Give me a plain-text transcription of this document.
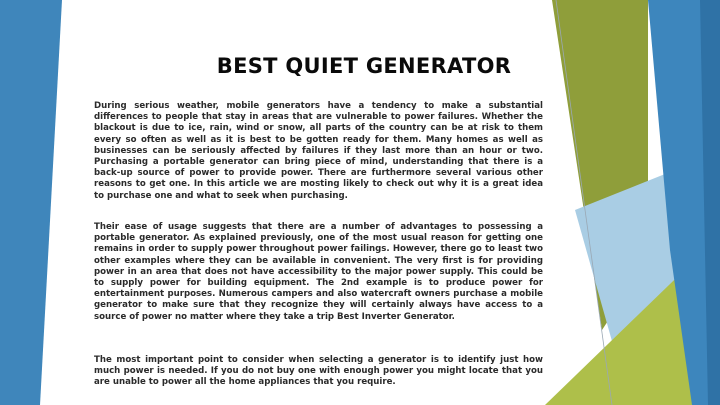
BEST QUIET GENERATOR

During serious weather, mobile generators have a tendency to make a substantial differences to people that stay in areas that are vulnerable to power failures. Whether the blackout is due to ice, rain, wind or snow, all parts of the country can be at risk to them every so often as well as it is best to be gotten ready for them. Many homes as well as businesses can be seriously affected by failures if they last more than an hour or two. Purchasing a portable generator can bring piece of mind, understanding that there is a back-up source of power to provide power. There are furthermore several various other reasons to get one. In this article we are mosting likely to check out why it is a great idea to purchase one and what to seek when purchasing.

Their ease of usage suggests that there are a number of advantages to possessing a portable generator. As explained previously, one of the most usual reason for getting one remains in order to supply power throughout power failings. However, there go to least two other examples where they can be available in convenient. The very first is for providing power in an area that does not have accessibility to the major power supply. This could be to supply power for building equipment. The 2nd example is to produce power for entertainment purposes. Numerous campers and also watercraft owners purchase a mobile generator to make sure that they recognize they will certainly always have access to a source of power no matter where they take a trip Best Inverter Generator.

The most important point to consider when selecting a generator is to identify just how much power is needed. If you do not buy one with enough power you might locate that you are unable to power all the home appliances that you require.
